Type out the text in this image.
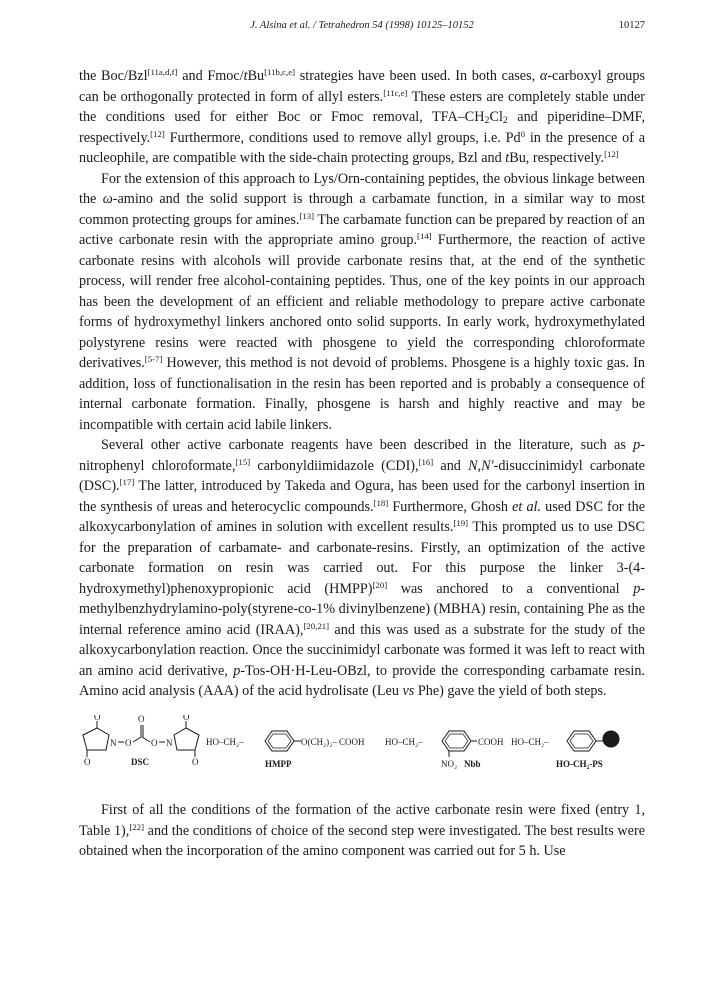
J. Alsina et al. / Tetrahedron 54 (1998) 10125–10152	10127

the Boc/Bzl[11a,d,f] and Fmoc/tBu[11b,c,e] strategies have been used. In both cases, α-carboxyl groups can be orthogonally protected in form of allyl esters.[11c,e] These esters are completely stable under the conditions used for either Boc or Fmoc removal, TFA–$CH_2Cl_2$ and piperidine–DMF, respectively.[12] Furthermore, conditions used to remove allyl groups, i.e. Pd$^0$ in the presence of a nucleophile, are compatible with the side-chain protecting groups, Bzl and tBu, respectively.[12]

For the extension of this approach to Lys/Orn-containing peptides, the obvious linkage between the ω-amino and the solid support is through a carbamate function, in a similar way to most common protecting groups for amines.[13] The carbamate function can be prepared by reaction of an active carbonate resin with the appropriate amino group.[14] Furthermore, the reaction of active carbonate resins with alcohols will provide carbonate resins that, at the end of the synthetic process, will render free alcohol-containing peptides. Thus, one of the key points in our approach has been the development of an efficient and reliable methodology to prepare active carbonate forms of hydroxymethyl linkers anchored onto solid supports. In early work, hydroxymethylated polystyrene resins were reacted with phosgene to yield the corresponding chloroformate derivatives.[5-7] However, this method is not devoid of problems. Phosgene is a highly toxic gas. In addition, loss of functionalisation in the resin has been reported and is probably a consequence of internal carbonate formation. Finally, phosgene is harsh and highly reactive and may be incompatible with certain acid labile linkers.

Several other active carbonate reagents have been described in the literature, such as p-nitrophenyl chloroformate,[15] carbonyldiimidazole (CDI),[16] and N,N'-disuccinimidyl carbonate (DSC).[17] The latter, introduced by Takeda and Ogura, has been used for the carbonyl insertion in the synthesis of ureas and heterocyclic compounds.[18] Furthermore, Ghosh et al. used DSC for the alkoxycarbonylation of amines in solution with excellent results.[19] This prompted us to use DSC for the preparation of carbamate- and carbonate-resins. Firstly, an optimization of the active carbonate formation on resin was carried out. For this purpose the linker 3-(4-hydroxymethyl)phenoxypropionic acid (HMPP)[20] was anchored to a conventional p-methylbenzhydrylamino-poly(styrene-co-1% divinylbenzene) (MBHA) resin, containing Phe as the internal reference amino acid (IRAA),[20,21] and this was used as a substrate for the study of the alkoxycarbonylation reaction. Once the succinimidyl carbonate was formed it was left to react with an amino acid derivative, p-Tos-OH·H-Leu-OBzl, to provide the corresponding carbamate resin. Amino acid analysis (AAA) of the acid hydrolisate (Leu vs Phe) gave the yield of both steps.

O
O
N O
O
O N
O
O
DSC
HO–CH₂–	O(CH₂)₂– COOH
HMPP
HO–CH₂–	COOH
NO₂ Nbb
HO–CH₂–
HO-CH₂-PS

First of all the conditions of the formation of the active carbonate resin were fixed (entry 1, Table 1),[22] and the conditions of choice of the second step were investigated. The best results were obtained when the incorporation of the amino component was carried out for 5 h. Use
